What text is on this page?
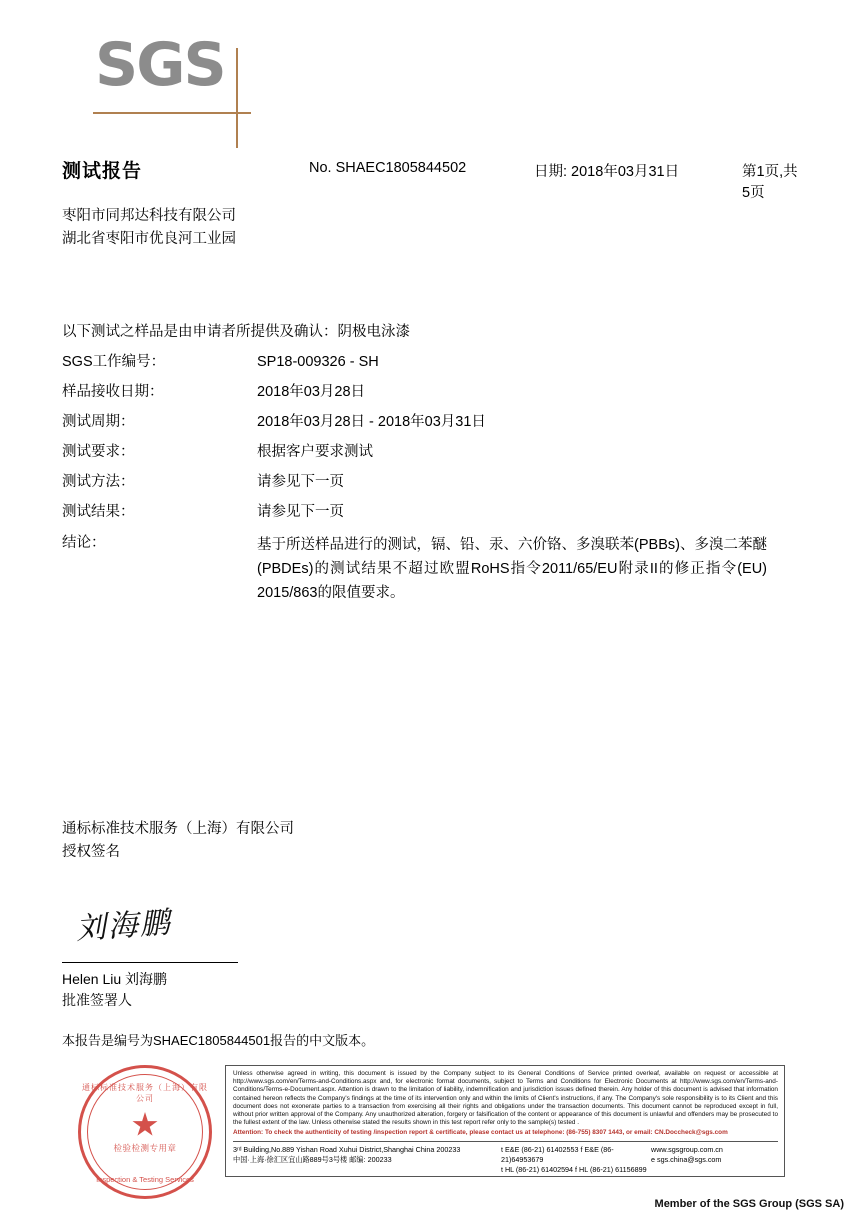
SGS
测试报告	No. SHAEC1805844502	日期: 2018年03月31日	第1页,共5页
枣阳市同邦达科技有限公司
湖北省枣阳市优良河工业园
以下测试之样品是由申请者所提供及确认：阴极电泳漆
SGS工作编号：	SP18-009326 - SH
样品接收日期：	2018年03月28日
测试周期：	2018年03月28日 - 2018年03月31日
测试要求：	根据客户要求测试
测试方法：	请参见下一页
测试结果：	请参见下一页
结论：	基于所送样品进行的测试，镉、铅、汞、六价铬、多溴联苯(PBBs)、多溴二苯醚(PBDEs)的测试结果不超过欧盟RoHS指令2011/65/EU附录II的修正指令(EU) 2015/863的限值要求。
通标标准技术服务（上海）有限公司
授权签名
刘海鹏
Helen Liu 刘海鹏
批准签署人
本报告是编号为SHAEC1805844501报告的中文版本。
通标标准技术服务（上海）有限公司
检验检测专用章
Inspection & Testing Services
Unless otherwise agreed in writing, this document is issued by the Company subject to its General Conditions of Service printed overleaf, available on request or accessible at http://www.sgs.com/en/Terms-and-Conditions.aspx and, for electronic format documents, subject to Terms and Conditions for Electronic Documents at http://www.sgs.com/en/Terms-and-Conditions/Terms-e-Document.aspx. Attention is drawn to the limitation of liability, indemnification and jurisdiction issues defined therein. Any holder of this document is advised that information contained hereon reflects the Company's findings at the time of its intervention only and within the limits of Client's instructions, if any. The Company's sole responsibility is to its Client and this document does not exonerate parties to a transaction from exercising all their rights and obligations under the transaction documents. This document cannot be reproduced except in full, without prior written approval of the Company. Any unauthorized alteration, forgery or falsification of the content or appearance of this document is unlawful and offenders may be prosecuted to the fullest extent of the law. Unless otherwise stated the results shown in this test report refer only to the sample(s) tested .
Attention: To check the authenticity of testing /inspection report & certificate, please contact us at telephone: (86-755) 8307 1443, or email: CN.Doccheck@sgs.com
3ʳᵈ Building,No.889 Yishan Road Xuhui District,Shanghai China 200233
中国·上海·徐汇区宜山路889号3号楼 邮编: 200233
t E&E (86-21) 61402553 f E&E (86-21)64953679
t HL (86-21) 61402594 f HL (86-21) 61156899
www.sgsgroup.com.cn
e sgs.china@sgs.com
Member of the SGS Group (SGS SA)
